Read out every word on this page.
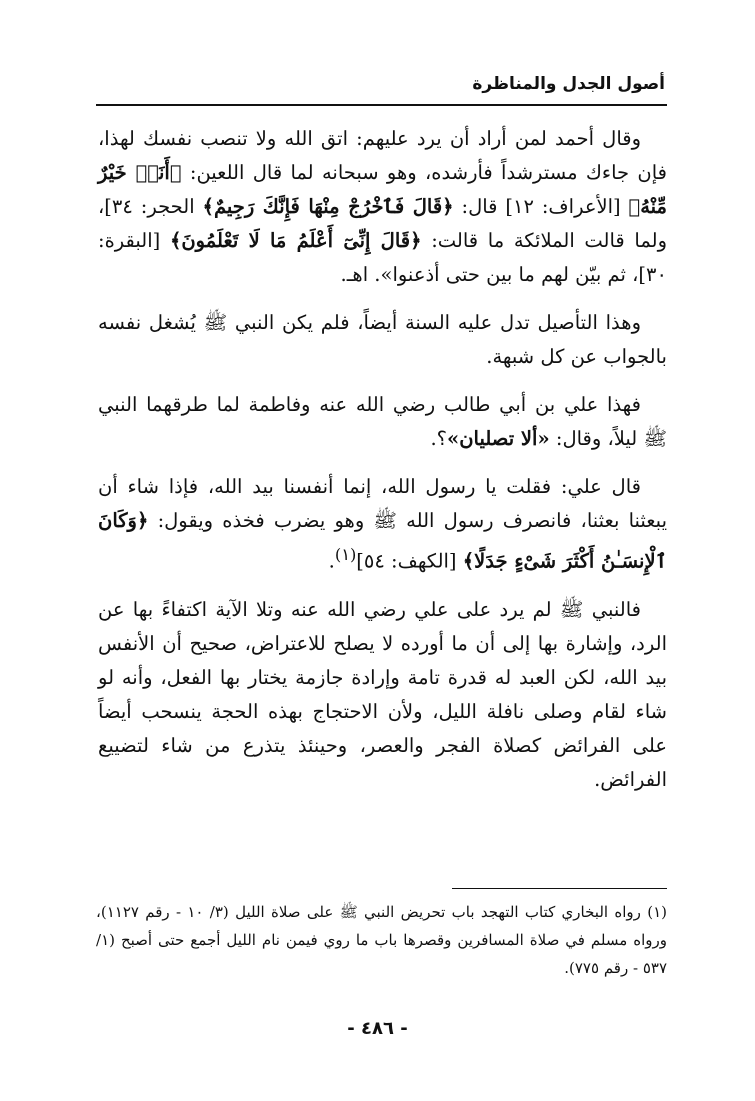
أصول الجدل والمناظرة

وقال أحمد لمن أراد أن يرد عليهم: اتق الله ولا تنصب نفسك لهذا، فإن جاءك مسترشداً فأرشده، وهو سبحانه لما قال اللعين: ﴿أَنَا۠ خَيْرٌ مِّنْهُ﴾ [الأعراف: ١٢] قال: ﴿قَالَ فَٱخْرُجْ مِنْهَا فَإِنَّكَ رَجِيمٌ﴾ الحجر: ٣٤]، ولما قالت الملائكة ما قالت: ﴿قَالَ إِنِّىٓ أَعْلَمُ مَا لَا تَعْلَمُونَ﴾ [البقرة: ٣٠]، ثم بيّن لهم ما بين حتى أذعنوا». اهـ.

وهذا التأصيل تدل عليه السنة أيضاً، فلم يكن النبي ﷺ يُشغل نفسه بالجواب عن كل شبهة.

فهذا علي بن أبي طالب رضي الله عنه وفاطمة لما طرقهما النبي ﷺ ليلاً، وقال: «ألا تصليان»؟.

قال علي: فقلت يا رسول الله، إنما أنفسنا بيد الله، فإذا شاء أن يبعثنا بعثنا، فانصرف رسول الله ﷺ وهو يضرب فخذه ويقول: ﴿وَكَانَ ٱلْإِنسَـٰنُ أَكْثَرَ شَىْءٍ جَدَلًا﴾ [الكهف: ٥٤]$^{(١)}$.

فالنبي ﷺ لم يرد على علي رضي الله عنه وتلا الآية اكتفاءً بها عن الرد، وإشارة بها إلى أن ما أورده لا يصلح للاعتراض، صحيح أن الأنفس بيد الله، لكن العبد له قدرة تامة وإرادة جازمة يختار بها الفعل، وأنه لو شاء لقام وصلى نافلة الليل، ولأن الاحتجاج بهذه الحجة ينسحب أيضاً على الفرائض كصلاة الفجر والعصر، وحينئذ يتذرع من شاء لتضييع الفرائض.

(١) رواه البخاري كتاب التهجد باب تحريض النبي ﷺ على صلاة الليل (٣/ ١٠ - رقم ١١٢٧)، ورواه مسلم في صلاة المسافرين وقصرها باب ما روي فيمن نام الليل أجمع حتى أصبح (١/ ٥٣٧ - رقم ٧٧٥).

- ٤٨٦ -
